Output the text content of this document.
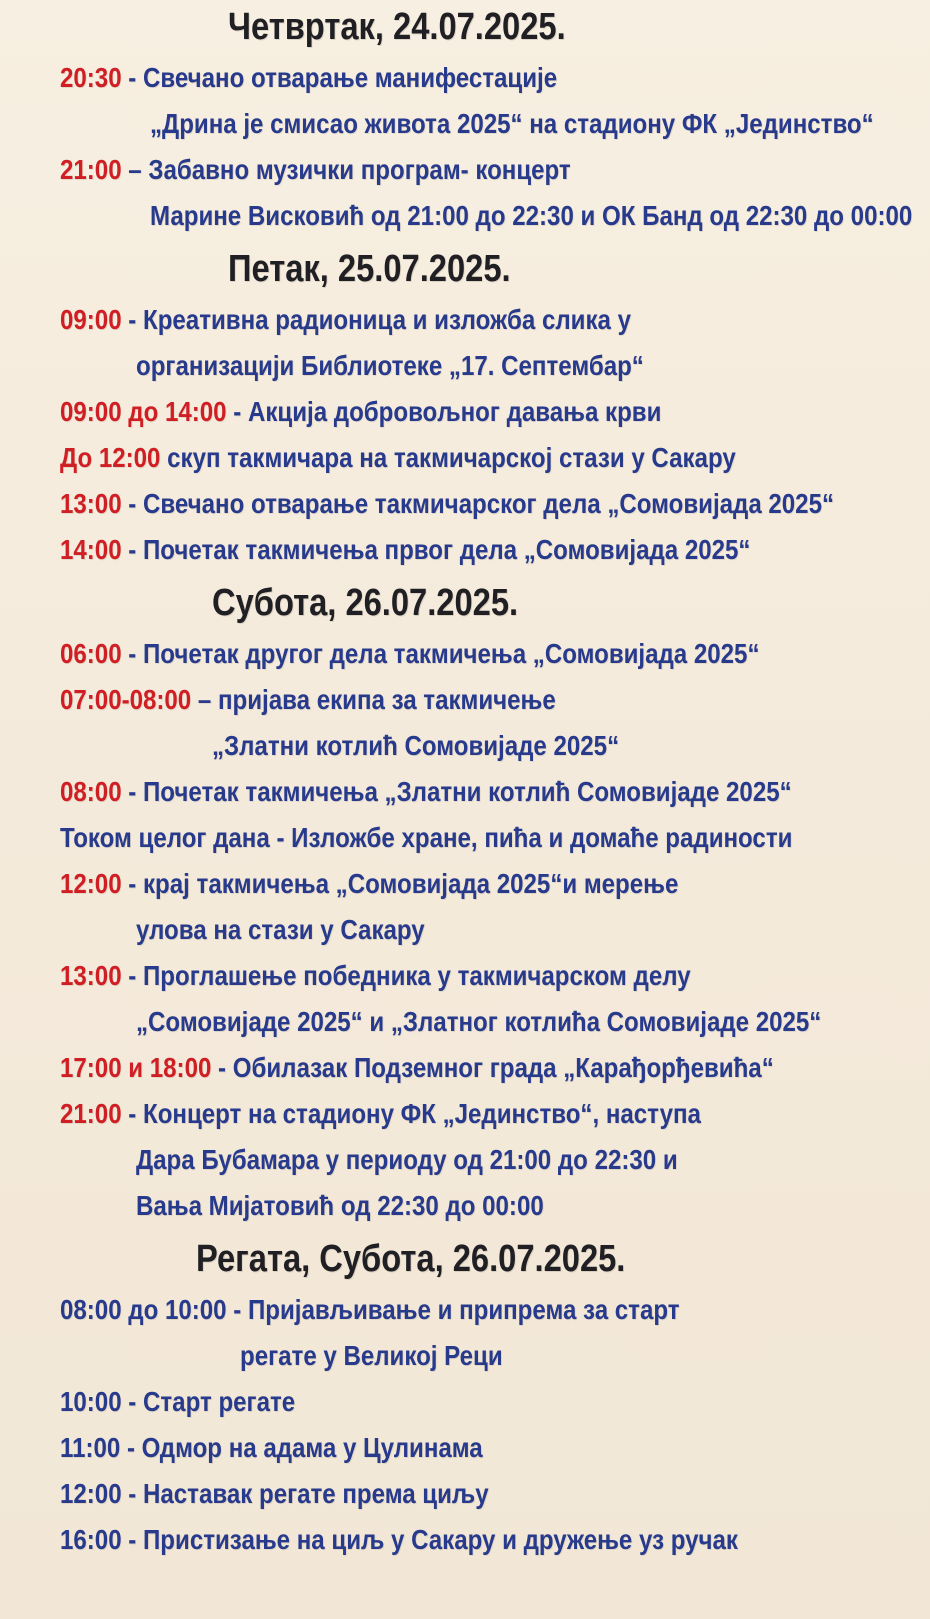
Четвртак, 24.07.2025.
20:30 - Свечано отварање манифестације
„Дрина је смисао живота 2025“ на стадиону ФК „Јединство“
21:00 – Забавно музички програм- концерт
Марине Висковић од 21:00 до 22:30 и ОК Банд од 22:30 до 00:00
Петак, 25.07.2025.
09:00 - Креативна радионица и изложба слика у
организацији Библиотеке „17. Септембар“
09:00 до 14:00 - Акција добровољног давања крви
До 12:00 скуп такмичара на такмичарској стази у Сакару
13:00 - Свечано отварање такмичарског дела „Сомовијада 2025“
14:00 - Почетак такмичења првог дела „Сомовијада 2025“
Субота, 26.07.2025.
06:00 - Почетак другог дела такмичења „Сомовијада 2025“
07:00-08:00 – пријава екипа за такмичење
„Златни котлић Сомовијаде 2025“
08:00 - Почетак такмичења „Златни котлић Сомовијаде 2025“
Током целог дана - Изложбе хране, пића и домаће радиности
12:00 - крај такмичења „Сомовијада 2025“и мерење
улова на стази у Сакару
13:00 - Проглашење победника у такмичарском делу
„Сомовијаде 2025“ и „Златног котлића Сомовијаде 2025“
17:00 и 18:00 - Обилазак Подземног града „Карађорђевића“
21:00 - Концерт на стадиону ФК „Јединство“, наступа
Дара Бубамара у периоду од 21:00 до 22:30 и
Вања Мијатовић од 22:30 до 00:00
Регата, Субота, 26.07.2025.
08:00 до 10:00 - Пријављивање и припрема за старт
регате у Великој Реци
10:00 - Старт регате
11:00 - Одмор на адама у Цулинама
12:00 - Наставак регате према циљу
16:00 - Пристизање на циљ у Сакару и дружење уз ручак
